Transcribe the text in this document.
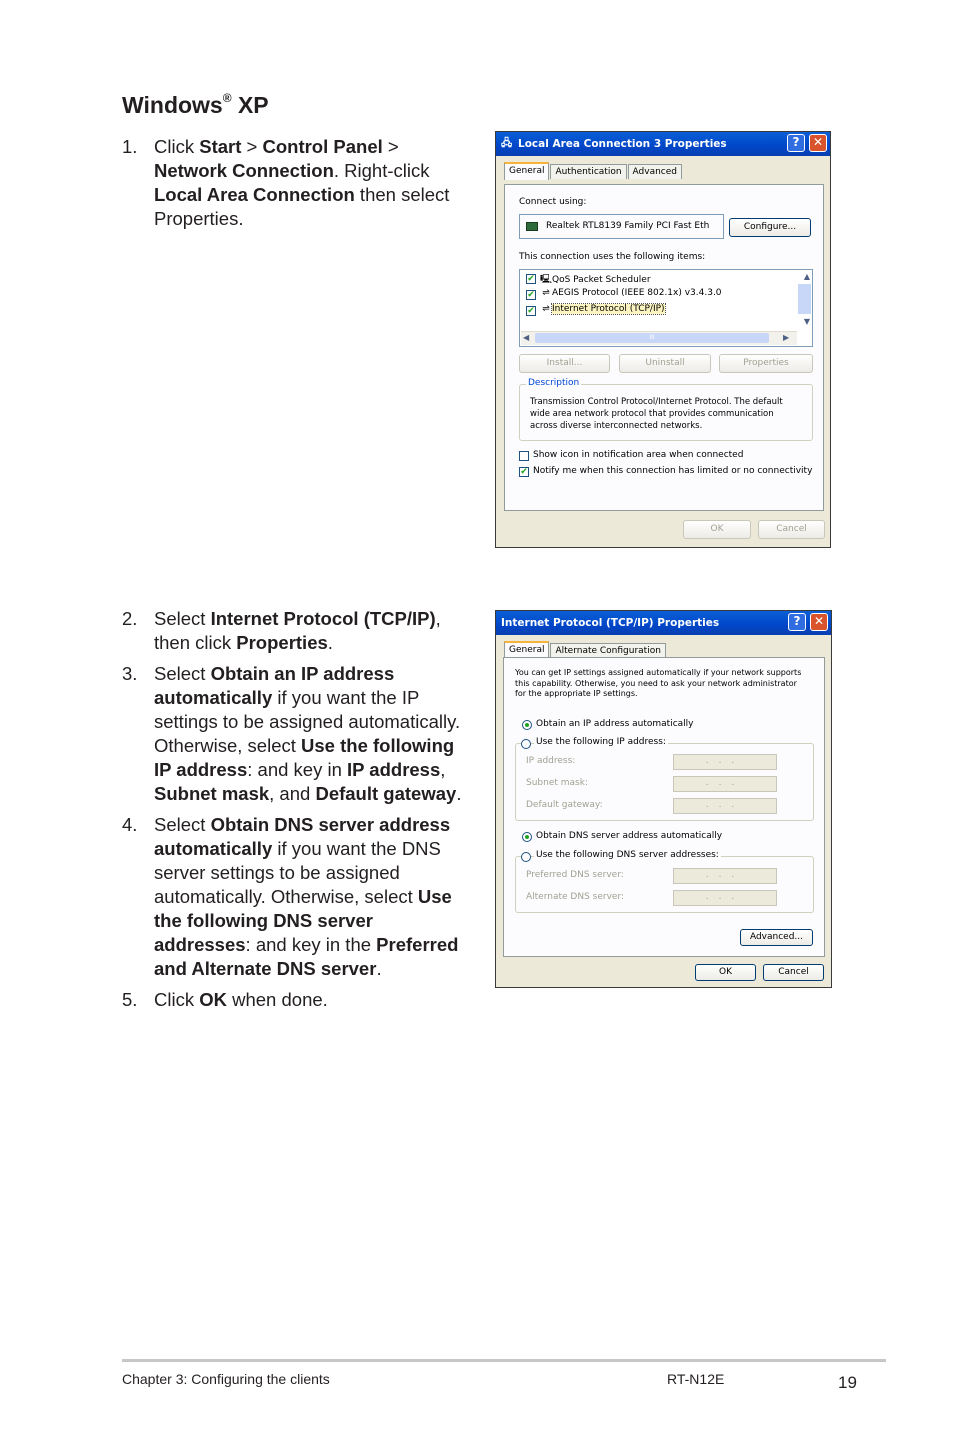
Windows® XP
1. Click Start > Control Panel > Network Connection. Right-click Local Area Connection then select Properties.
2. Select Internet Protocol (TCP/IP), then click Properties.
3. Select Obtain an IP address automatically if you want the IP settings to be assigned automatically. Otherwise, select Use the following IP address: and key in IP address, Subnet mask, and Default gateway.
4. Select Obtain DNS server address automatically if you want the DNS server settings to be assigned automatically. Otherwise, select Use the following DNS server addresses: and key in the Preferred and Alternate DNS server.
5. Click OK when done.
🖧 Local Area Connection 3 Properties	?	✕
General	Authentication	Advanced
Connect using:
Realtek RTL8139 Family PCI Fast Eth	Configure...
This connection uses the following items:
✔ 🖳QoS Packet Scheduler
✔ ⇌ AEGIS Protocol (IEEE 802.1x) v3.4.3.0
✔ ⇌ Internet Protocol (TCP/IP)
▲
▼
◀	III	▶
Install...	Uninstall	Properties
Description
Transmission Control Protocol/Internet Protocol. The default wide area network protocol that provides communication across diverse interconnected networks.
Show icon in notification area when connected
✔ Notify me when this connection has limited or no connectivity
OK	Cancel
Internet Protocol (TCP/IP) Properties	?	✕
General	Alternate Configuration
You can get IP settings assigned automatically if your network supports this capability. Otherwise, you need to ask your network administrator for the appropriate IP settings.
Obtain an IP address automatically
Use the following IP address:
IP address:	...
Subnet mask:	...
Default gateway:	...
Obtain DNS server address automatically
Use the following DNS server addresses:
Preferred DNS server:	...
Alternate DNS server:	...
Advanced...
OK	Cancel
Chapter 3: Configuring the clients	RT-N12E	19
